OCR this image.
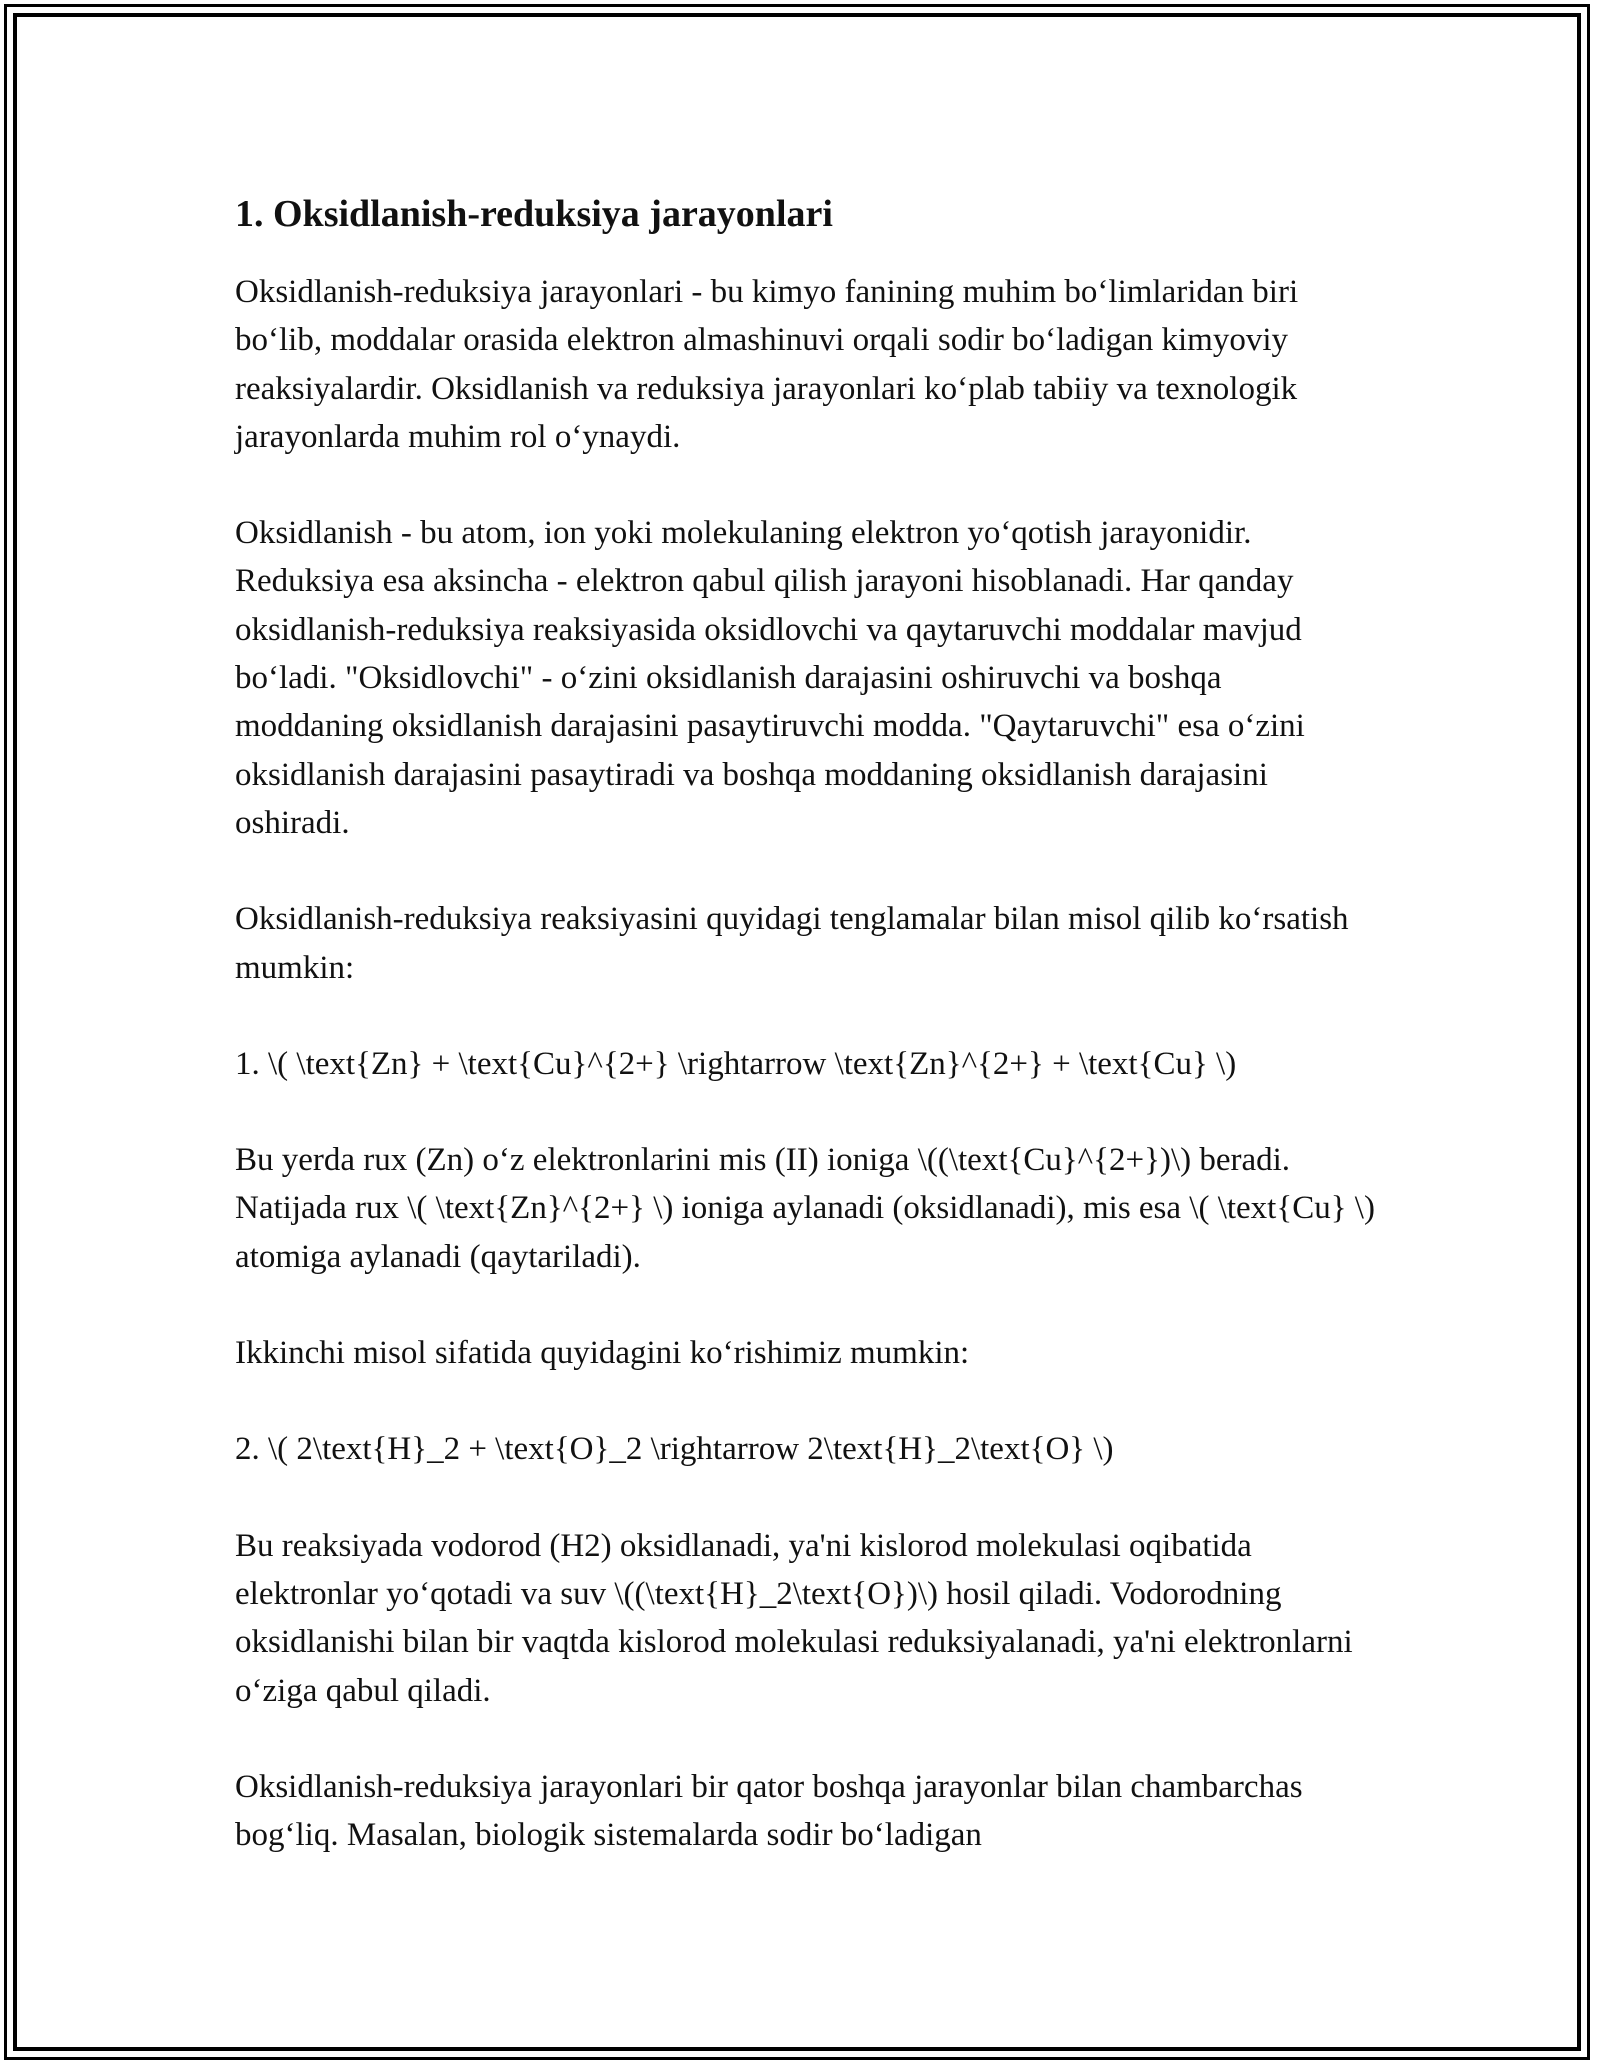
1. Oksidlanish-reduksiya jarayonlari

Oksidlanish-reduksiya jarayonlari - bu kimyo fanining muhim bo‘limlaridan biri bo‘lib, moddalar orasida elektron almashinuvi orqali sodir bo‘ladigan kimyoviy reaksiyalardir. Oksidlanish va reduksiya jarayonlari ko‘plab tabiiy va texnologik jarayonlarda muhim rol o‘ynaydi.

Oksidlanish - bu atom, ion yoki molekulaning elektron yo‘qotish jarayonidir. Reduksiya esa aksincha - elektron qabul qilish jarayoni hisoblanadi. Har qanday oksidlanish-reduksiya reaksiyasida oksidlovchi va qaytaruvchi moddalar mavjud bo‘ladi. "Oksidlovchi" - o‘zini oksidlanish darajasini oshiruvchi va boshqa moddaning oksidlanish darajasini pasaytiruvchi modda. "Qaytaruvchi" esa o‘zini oksidlanish darajasini pasaytiradi va boshqa moddaning oksidlanish darajasini oshiradi.

Oksidlanish-reduksiya reaksiyasini quyidagi tenglamalar bilan misol qilib ko‘rsatish mumkin:

1. \( \text{Zn} + \text{Cu}^{2+} \rightarrow \text{Zn}^{2+} + \text{Cu} \)

Bu yerda rux (Zn) o‘z elektronlarini mis (II) ioniga \((\text{Cu}^{2+})\) beradi. Natijada rux \( \text{Zn}^{2+} \) ioniga aylanadi (oksidlanadi), mis esa \( \text{Cu} \) atomiga aylanadi (qaytariladi).

Ikkinchi misol sifatida quyidagini ko‘rishimiz mumkin:

2. \( 2\text{H}_2 + \text{O}_2 \rightarrow 2\text{H}_2\text{O} \)

Bu reaksiyada vodorod (H2) oksidlanadi, ya'ni kislorod molekulasi oqibatida elektronlar yo‘qotadi va suv \((\text{H}_2\text{O})\) hosil qiladi. Vodorodning oksidlanishi bilan bir vaqtda kislorod molekulasi reduksiyalanadi, ya'ni elektronlarni o‘ziga qabul qiladi.

Oksidlanish-reduksiya jarayonlari bir qator boshqa jarayonlar bilan chambarchas bog‘liq. Masalan, biologik sistemalarda sodir bo‘ladigan
